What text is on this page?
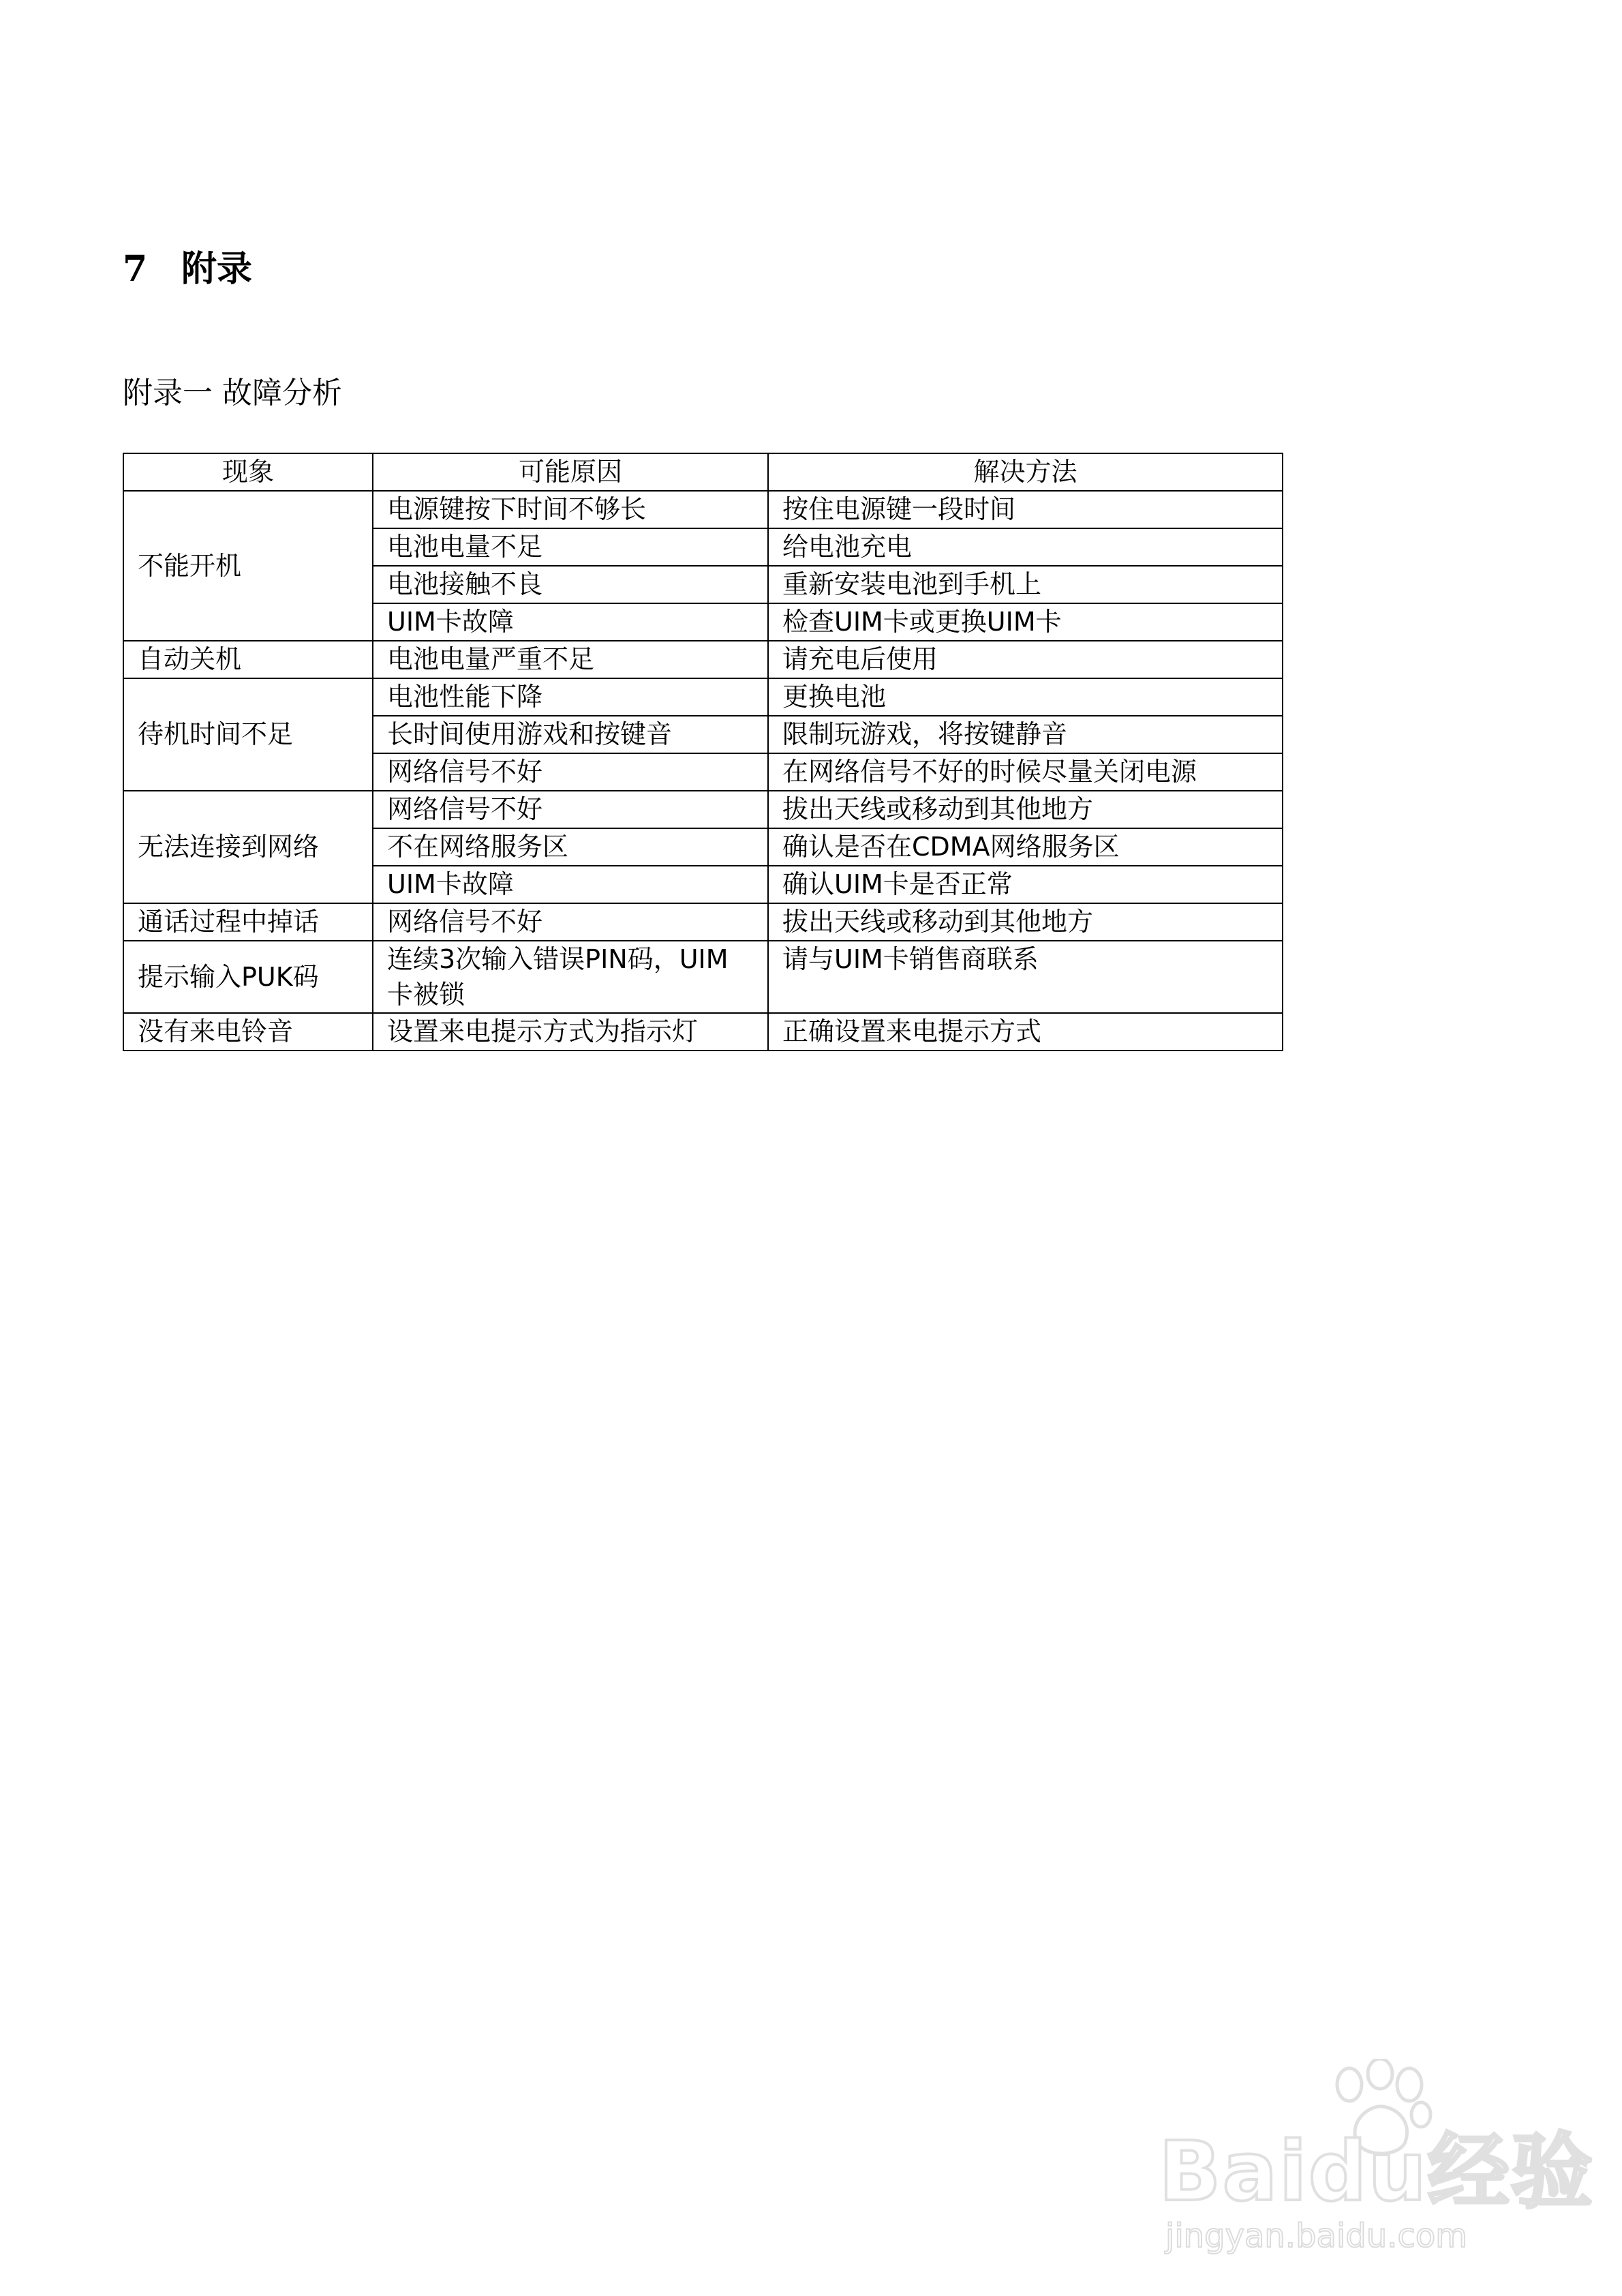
7 附录
附录一 故障分析
现象	可能原因	解决方法
不能开机	电源键按下时间不够长	按住电源键一段时间
	电池电量不足	给电池充电
	电池接触不良	重新安装电池到手机上
	UIM卡故障	检查UIM卡或更换UIM卡
自动关机	电池电量严重不足	请充电后使用
待机时间不足	电池性能下降	更换电池
	长时间使用游戏和按键音	限制玩游戏，将按键静音
	网络信号不好	在网络信号不好的时候尽量关闭电源
无法连接到网络	网络信号不好	拔出天线或移动到其他地方
	不在网络服务区	确认是否在CDMA网络服务区
	UIM卡故障	确认UIM卡是否正常
通话过程中掉话	网络信号不好	拔出天线或移动到其他地方
提示输入PUK码	连续3次输入错误PIN码，UIM卡被锁	请与UIM卡销售商联系
没有来电铃音	设置来电提示方式为指示灯	正确设置来电提示方式
Baidu经验
jingyan.baidu.com
